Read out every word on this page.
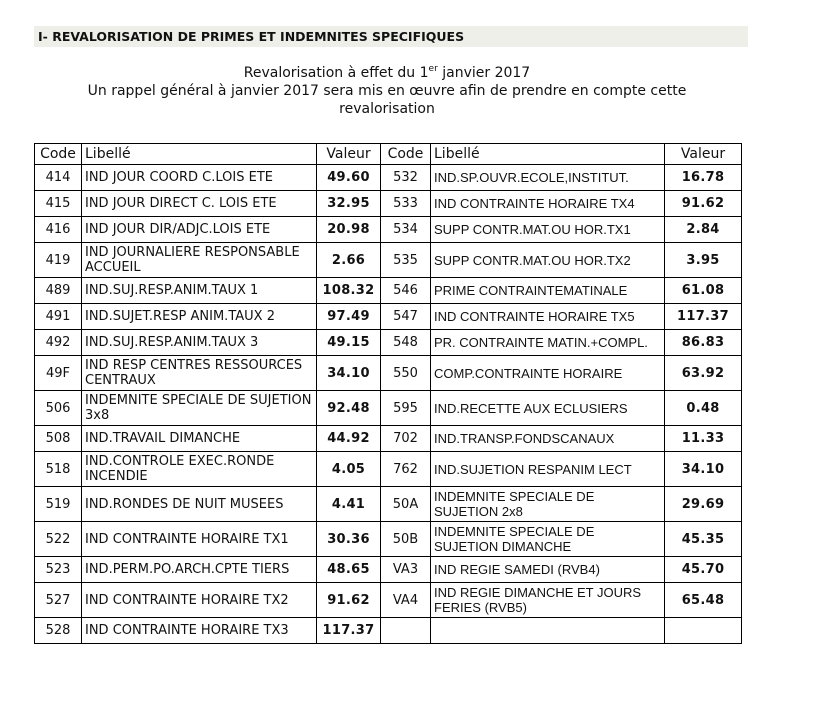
I- REVALORISATION DE PRIMES ET INDEMNITES SPECIFIQUES
Revalorisation à effet du 1er janvier 2017
Un rappel général à janvier 2017 sera mis en œuvre afin de prendre en compte cette
revalorisation
Code	Libellé	Valeur	Code	Libellé	Valeur
414	IND JOUR COORD C.LOIS ETE	49.60	532	IND.SP.OUVR.ECOLE,INSTITUT.	16.78
415	IND JOUR DIRECT C. LOIS ETE	32.95	533	IND CONTRAINTE HORAIRE TX4	91.62
416	IND JOUR DIR/ADJC.LOIS ETE	20.98	534	SUPP CONTR.MAT.OU HOR.TX1	2.84
419	IND JOURNALIERE RESPONSABLE ACCUEIL	2.66	535	SUPP CONTR.MAT.OU HOR.TX2	3.95
489	IND.SUJ.RESP.ANIM.TAUX 1	108.32	546	PRIME CONTRAINTEMATINALE	61.08
491	IND.SUJET.RESP ANIM.TAUX 2	97.49	547	IND CONTRAINTE HORAIRE TX5	117.37
492	IND.SUJ.RESP.ANIM.TAUX 3	49.15	548	PR. CONTRAINTE MATIN.+COMPL.	86.83
49F	IND RESP CENTRES RESSOURCES CENTRAUX	34.10	550	COMP.CONTRAINTE HORAIRE	63.92
506	INDEMNITE SPECIALE DE SUJETION 3x8	92.48	595	IND.RECETTE AUX ECLUSIERS	0.48
508	IND.TRAVAIL DIMANCHE	44.92	702	IND.TRANSP.FONDSCANAUX	11.33
518	IND.CONTROLE EXEC.RONDE INCENDIE	4.05	762	IND.SUJETION RESPANIM LECT	34.10
519	IND.RONDES DE NUIT MUSEES	4.41	50A	INDEMNITE SPECIALE DE SUJETION 2x8	29.69
522	IND CONTRAINTE HORAIRE TX1	30.36	50B	INDEMNITE SPECIALE DE SUJETION DIMANCHE	45.35
523	IND.PERM.PO.ARCH.CPTE TIERS	48.65	VA3	IND REGIE SAMEDI (RVB4)	45.70
527	IND CONTRAINTE HORAIRE TX2	91.62	VA4	IND REGIE DIMANCHE ET JOURS FERIES (RVB5)	65.48
528	IND CONTRAINTE HORAIRE TX3	117.37			
